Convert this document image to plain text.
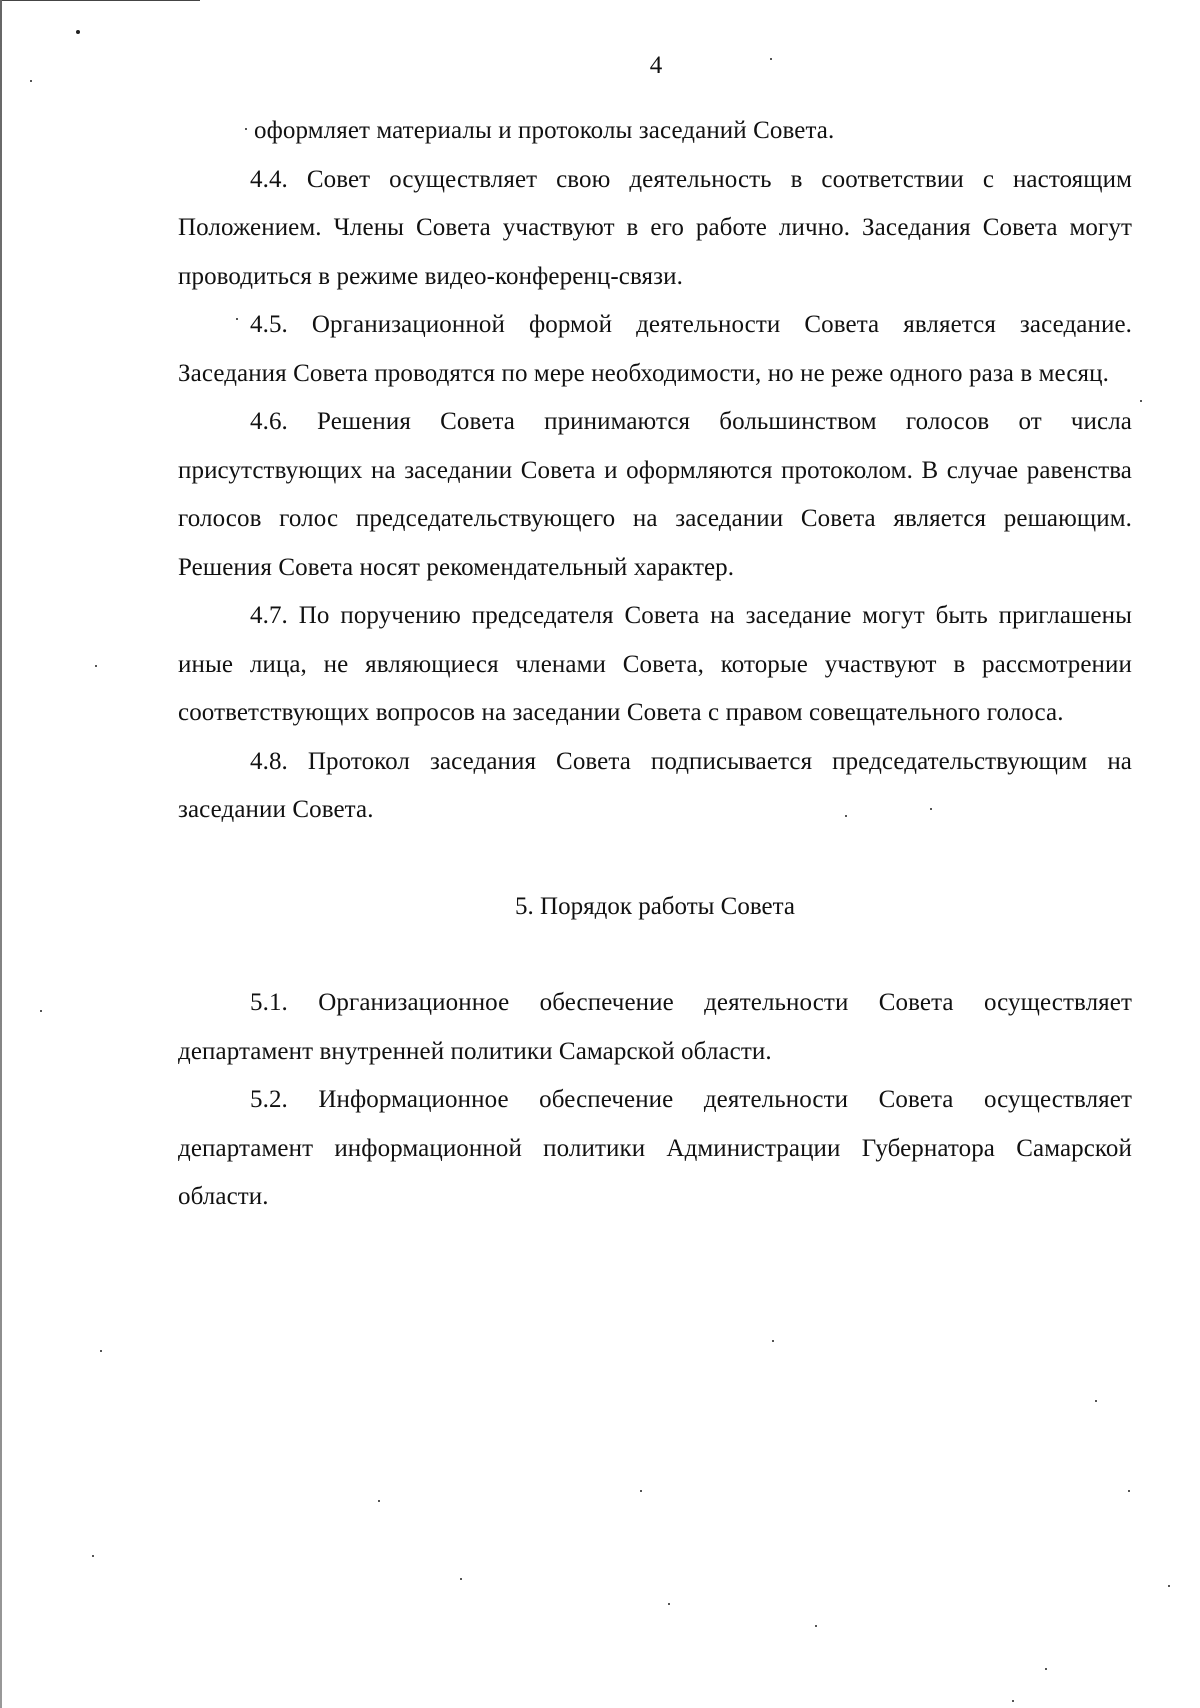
4

оформляет материалы и протоколы заседаний Совета.

4.4. Совет осуществляет свою деятельность в соответствии с настоящим Положением. Члены Совета участвуют в его работе лично. Заседания Совета могут проводиться в режиме видео-конференц-связи.

4.5. Организационной формой деятельности Совета является заседание. Заседания Совета проводятся по мере необходимости, но не реже одного раза в месяц.

4.6. Решения Совета принимаются большинством голосов от числа присутствующих на заседании Совета и оформляются протоколом. В случае равенства голосов голос председательствующего на заседании Совета является решающим. Решения Совета носят рекомендательный характер.

4.7. По поручению председателя Совета на заседание могут быть приглашены иные лица, не являющиеся членами Совета, которые участвуют в рассмотрении соответствующих вопросов на заседании Совета с правом совещательного голоса.

4.8. Протокол заседания Совета подписывается председательствующим на заседании Совета.

5. Порядок работы Совета

5.1. Организационное обеспечение деятельности Совета осуществляет департамент внутренней политики Самарской области.

5.2. Информационное обеспечение деятельности Совета осуществляет департамент информационной политики Администрации Губернатора Самарской области.
